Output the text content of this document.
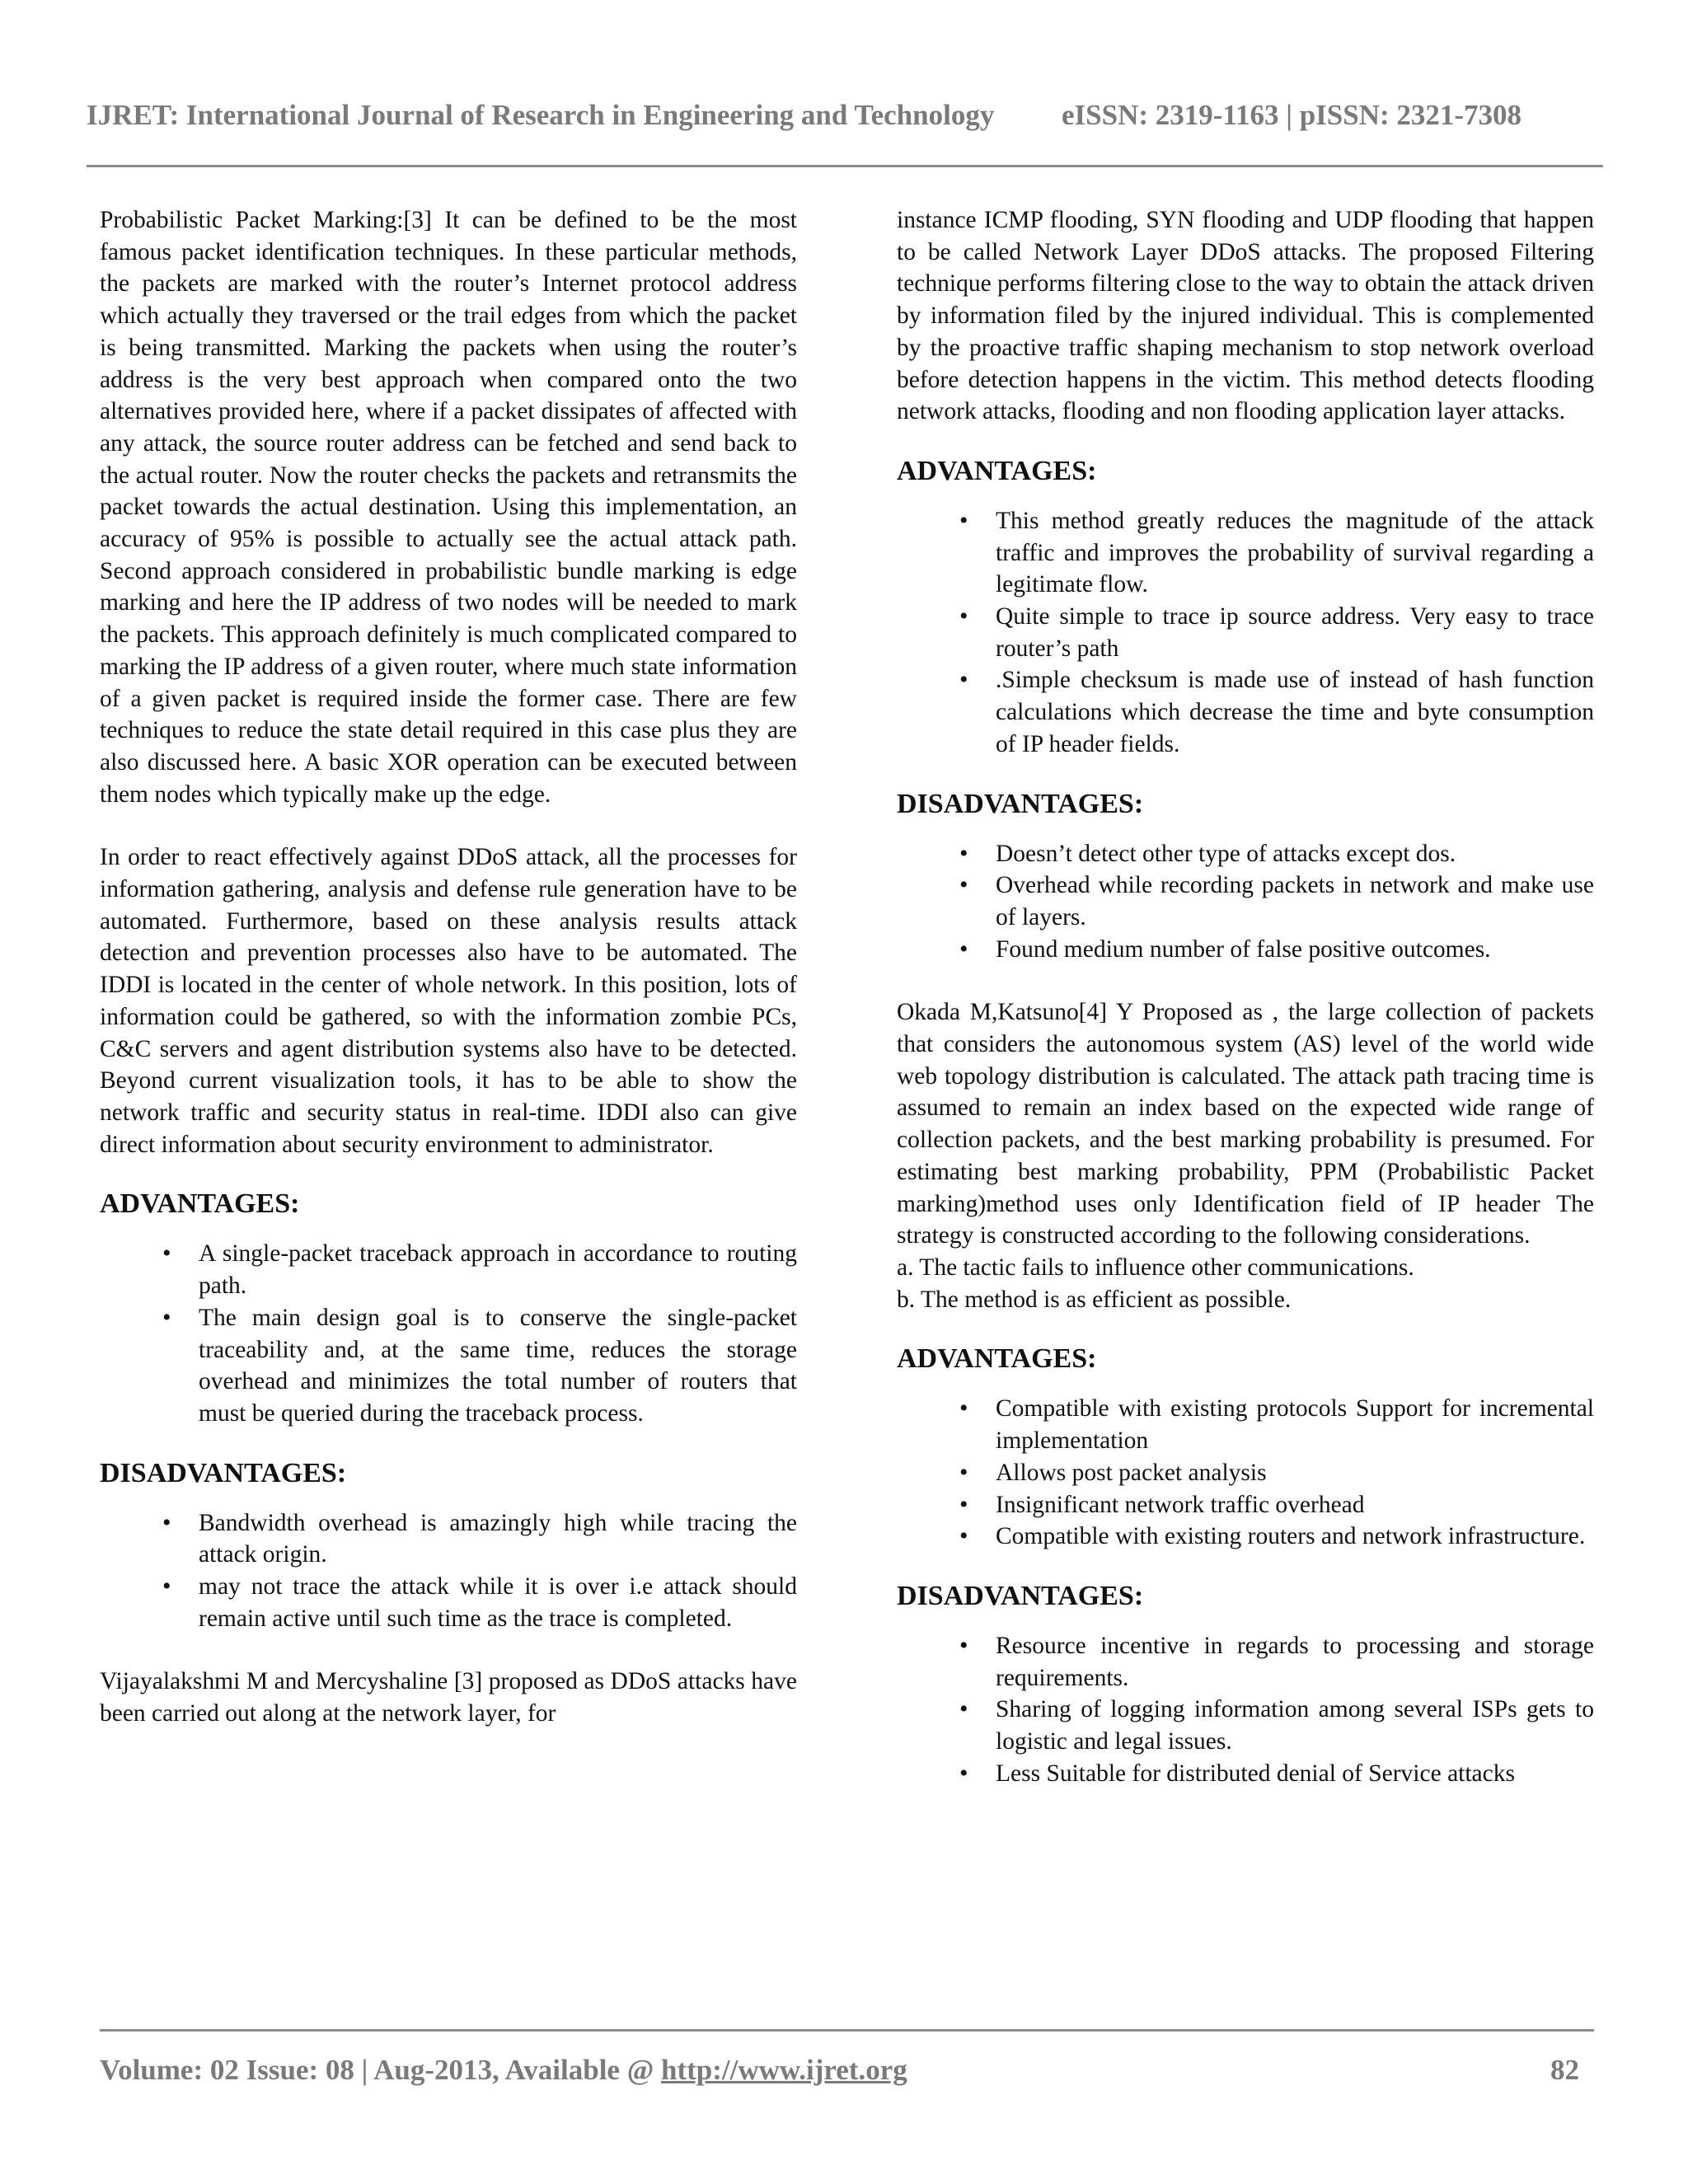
IJRET: International Journal of Research in Engineering and Technology eISSN: 2319-1163 | pISSN: 2321-7308

Probabilistic Packet Marking:[3] It can be defined to be the most famous packet identification techniques. In these particular methods, the packets are marked with the router’s Internet protocol address which actually they traversed or the trail edges from which the packet is being transmitted. Marking the packets when using the router’s address is the very best approach when compared onto the two alternatives provided here, where if a packet dissipates of affected with any attack, the source router address can be fetched and send back to the actual router. Now the router checks the packets and retransmits the packet towards the actual destination. Using this implementation, an accuracy of 95% is possible to actually see the actual attack path. Second approach considered in probabilistic bundle marking is edge marking and here the IP address of two nodes will be needed to mark the packets. This approach definitely is much complicated compared to marking the IP address of a given router, where much state information of a given packet is required inside the former case. There are few techniques to reduce the state detail required in this case plus they are also discussed here. A basic XOR operation can be executed between them nodes which typically make up the edge.

In order to react effectively against DDoS attack, all the processes for information gathering, analysis and defense rule generation have to be automated. Furthermore, based on these analysis results attack detection and prevention processes also have to be automated. The IDDI is located in the center of whole network. In this position, lots of information could be gathered, so with the information zombie PCs, C&C servers and agent distribution systems also have to be detected. Beyond current visualization tools, it has to be able to show the network traffic and security status in real-time. IDDI also can give direct information about security environment to administrator.

ADVANTAGES:
• A single-packet traceback approach in accordance to routing path.
• The main design goal is to conserve the single-packet traceability and, at the same time, reduces the storage overhead and minimizes the total number of routers that must be queried during the traceback process.
DISADVANTAGES:
• Bandwidth overhead is amazingly high while tracing the attack origin.
• may not trace the attack while it is over i.e attack should remain active until such time as the trace is completed.

Vijayalakshmi M and Mercyshaline [3] proposed as DDoS attacks have been carried out along at the network layer, for

instance ICMP flooding, SYN flooding and UDP flooding that happen to be called Network Layer DDoS attacks. The proposed Filtering technique performs filtering close to the way to obtain the attack driven by information filed by the injured individual. This is complemented by the proactive traffic shaping mechanism to stop network overload before detection happens in the victim. This method detects flooding network attacks, flooding and non flooding application layer attacks.

ADVANTAGES:
• This method greatly reduces the magnitude of the attack traffic and improves the probability of survival regarding a legitimate flow.
• Quite simple to trace ip source address. Very easy to trace router’s path
• .Simple checksum is made use of instead of hash function calculations which decrease the time and byte consumption of IP header fields.
DISADVANTAGES:
• Doesn’t detect other type of attacks except dos.
• Overhead while recording packets in network and make use of layers.
• Found medium number of false positive outcomes.

Okada M,Katsuno[4] Y Proposed as , the large collection of packets that considers the autonomous system (AS) level of the world wide web topology distribution is calculated. The attack path tracing time is assumed to remain an index based on the expected wide range of collection packets, and the best marking probability is presumed. For estimating best marking probability, PPM (Probabilistic Packet marking)method uses only Identification field of IP header The strategy is constructed according to the following considerations.

a. The tactic fails to influence other communications.

b. The method is as efficient as possible.

ADVANTAGES:
• Compatible with existing protocols Support for incremental implementation
• Allows post packet analysis
• Insignificant network traffic overhead
• Compatible with existing routers and network infrastructure.
DISADVANTAGES:
• Resource incentive in regards to processing and storage requirements.
• Sharing of logging information among several ISPs gets to logistic and legal issues.
• Less Suitable for distributed denial of Service attacks
Volume: 02 Issue: 08 | Aug-2013, Available @ http://www.ijret.org	82
